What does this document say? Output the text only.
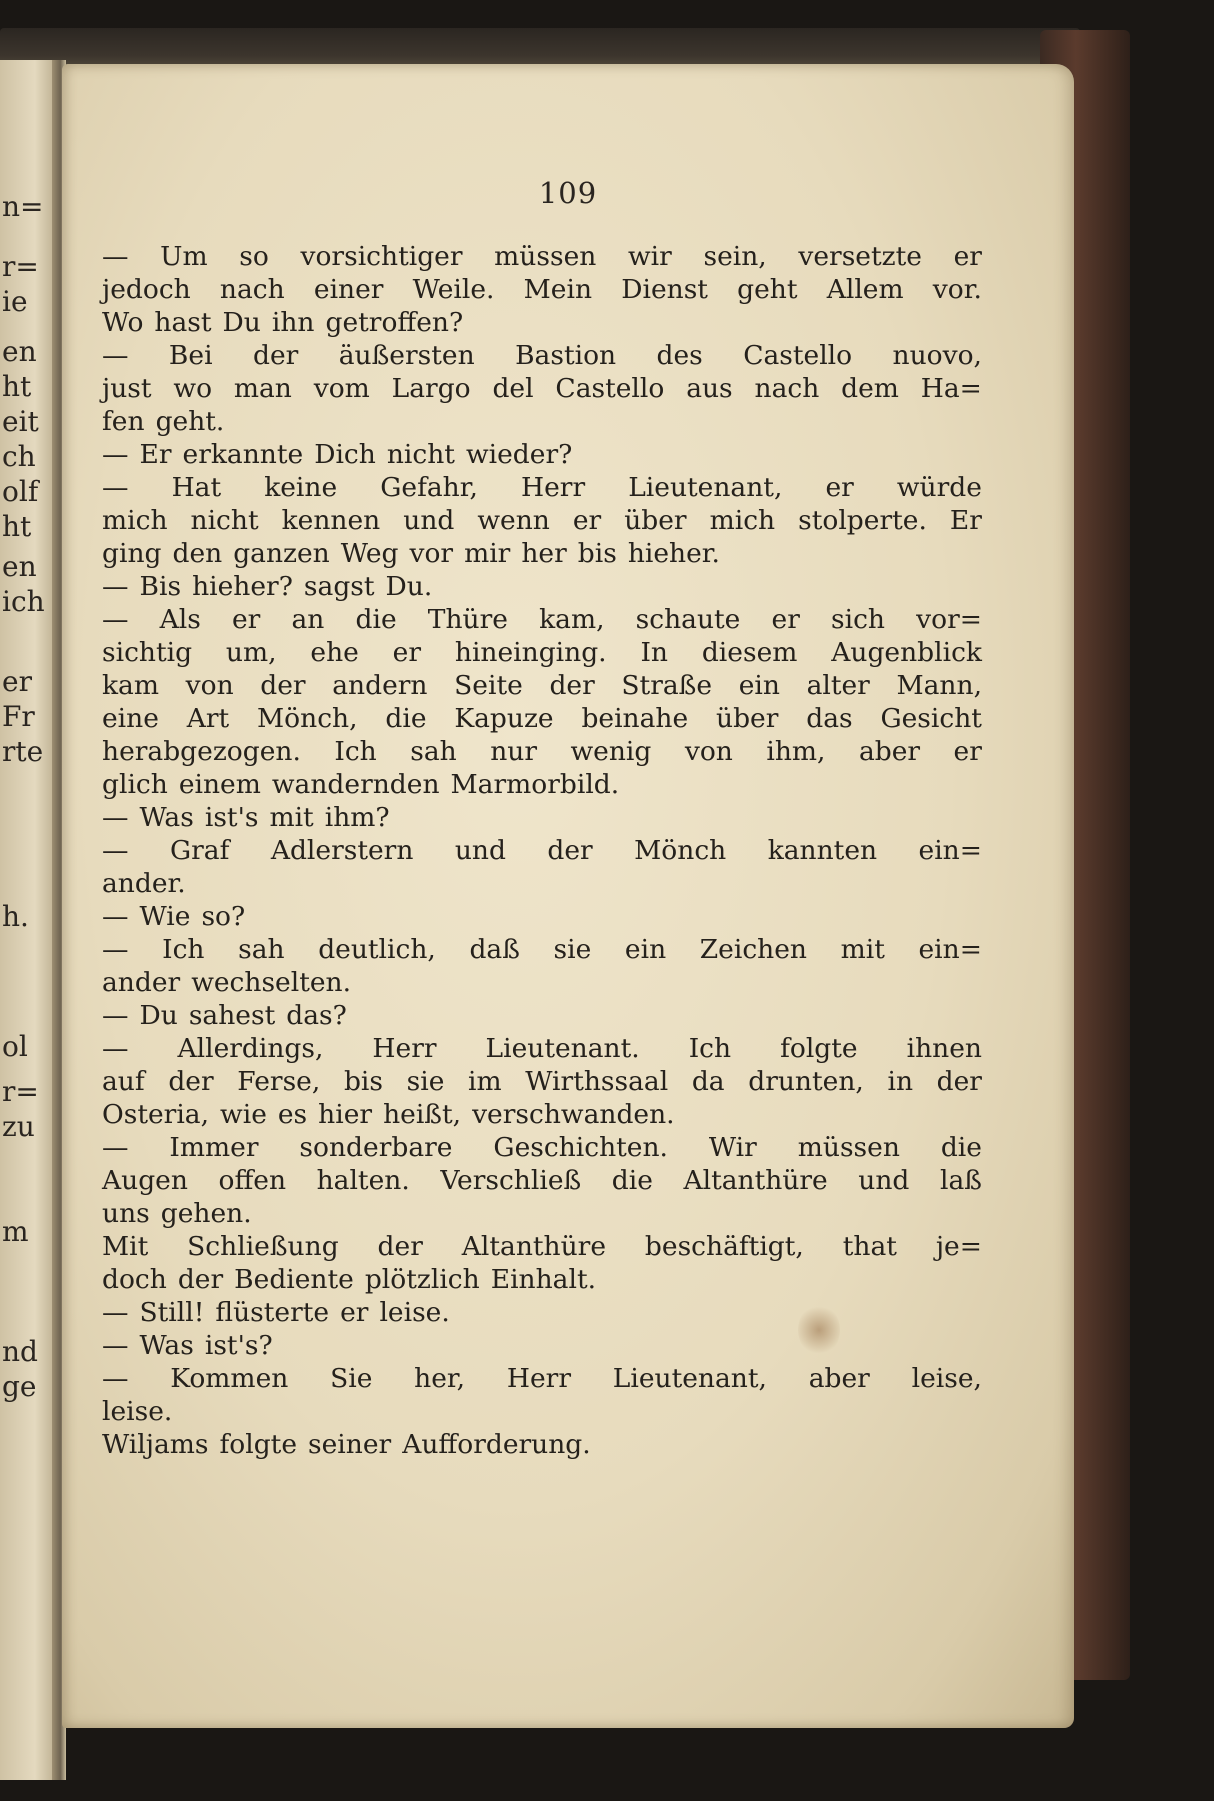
n=
r=
ie
en
ht
eit
ch
olf
ht
en
ich
er
Fr
rte
h.
ol
r=
zu
m
nd
ge
109
— Um so vorsichtiger müssen wir sein, versetzte er
jedoch nach einer Weile. Mein Dienst geht Allem vor.
Wo hast Du ihn getroffen?
— Bei der äußersten Bastion des Castello nuovo,
just wo man vom Largo del Castello aus nach dem Ha=
fen geht.
— Er erkannte Dich nicht wieder?
— Hat keine Gefahr, Herr Lieutenant, er würde
mich nicht kennen und wenn er über mich stolperte. Er
ging den ganzen Weg vor mir her bis hieher.
— Bis hieher? sagst Du.
— Als er an die Thüre kam, schaute er sich vor=
sichtig um, ehe er hineinging. In diesem Augenblick
kam von der andern Seite der Straße ein alter Mann,
eine Art Mönch, die Kapuze beinahe über das Gesicht
herabgezogen. Ich sah nur wenig von ihm, aber er
glich einem wandernden Marmorbild.
— Was ist's mit ihm?
— Graf Adlerstern und der Mönch kannten ein=
ander.
— Wie so?
— Ich sah deutlich, daß sie ein Zeichen mit ein=
ander wechselten.
— Du sahest das?
— Allerdings, Herr Lieutenant. Ich folgte ihnen
auf der Ferse, bis sie im Wirthssaal da drunten, in der
Osteria, wie es hier heißt, verschwanden.
— Immer sonderbare Geschichten. Wir müssen die
Augen offen halten. Verschließ die Altanthüre und laß
uns gehen.
Mit Schließung der Altanthüre beschäftigt, that je=
doch der Bediente plötzlich Einhalt.
— Still! flüsterte er leise.
— Was ist's?
— Kommen Sie her, Herr Lieutenant, aber leise,
leise.
Wiljams folgte seiner Aufforderung.
